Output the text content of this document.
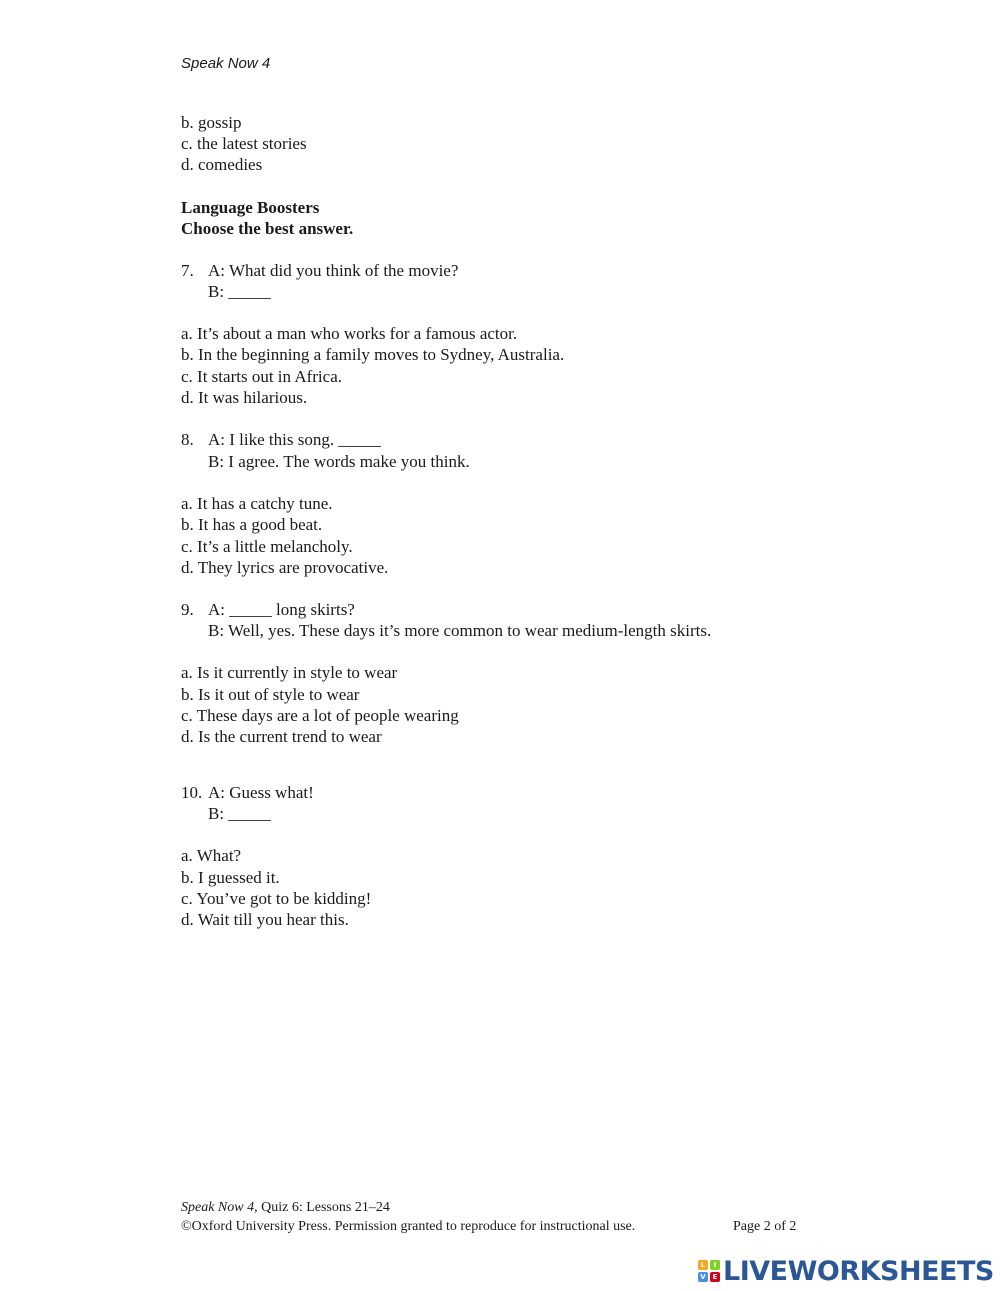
Speak Now 4
b. gossip
c. the latest stories
d. comedies
Language Boosters
Choose the best answer.
7. A: What did you think of the movie?
B: _____
a. It’s about a man who works for a famous actor.
b. In the beginning a family moves to Sydney, Australia.
c. It starts out in Africa.
d. It was hilarious.
8. A: I like this song. _____
B: I agree. The words make you think.
a. It has a catchy tune.
b. It has a good beat.
c. It’s a little melancholy.
d. They lyrics are provocative.
9. A: _____ long skirts?
B: Well, yes. These days it’s more common to wear medium-length skirts.
a. Is it currently in style to wear
b. Is it out of style to wear
c. These days are a lot of people wearing
d. Is the current trend to wear
10. A: Guess what!
B: _____
a. What?
b. I guessed it.
c. You’ve got to be kidding!
d. Wait till you hear this.
Speak Now 4, Quiz 6: Lessons 21–24
©Oxford University Press. Permission granted to reproduce for instructional use.	Page 2 of 2
L	I
V E LIVEWORKSHEETS
